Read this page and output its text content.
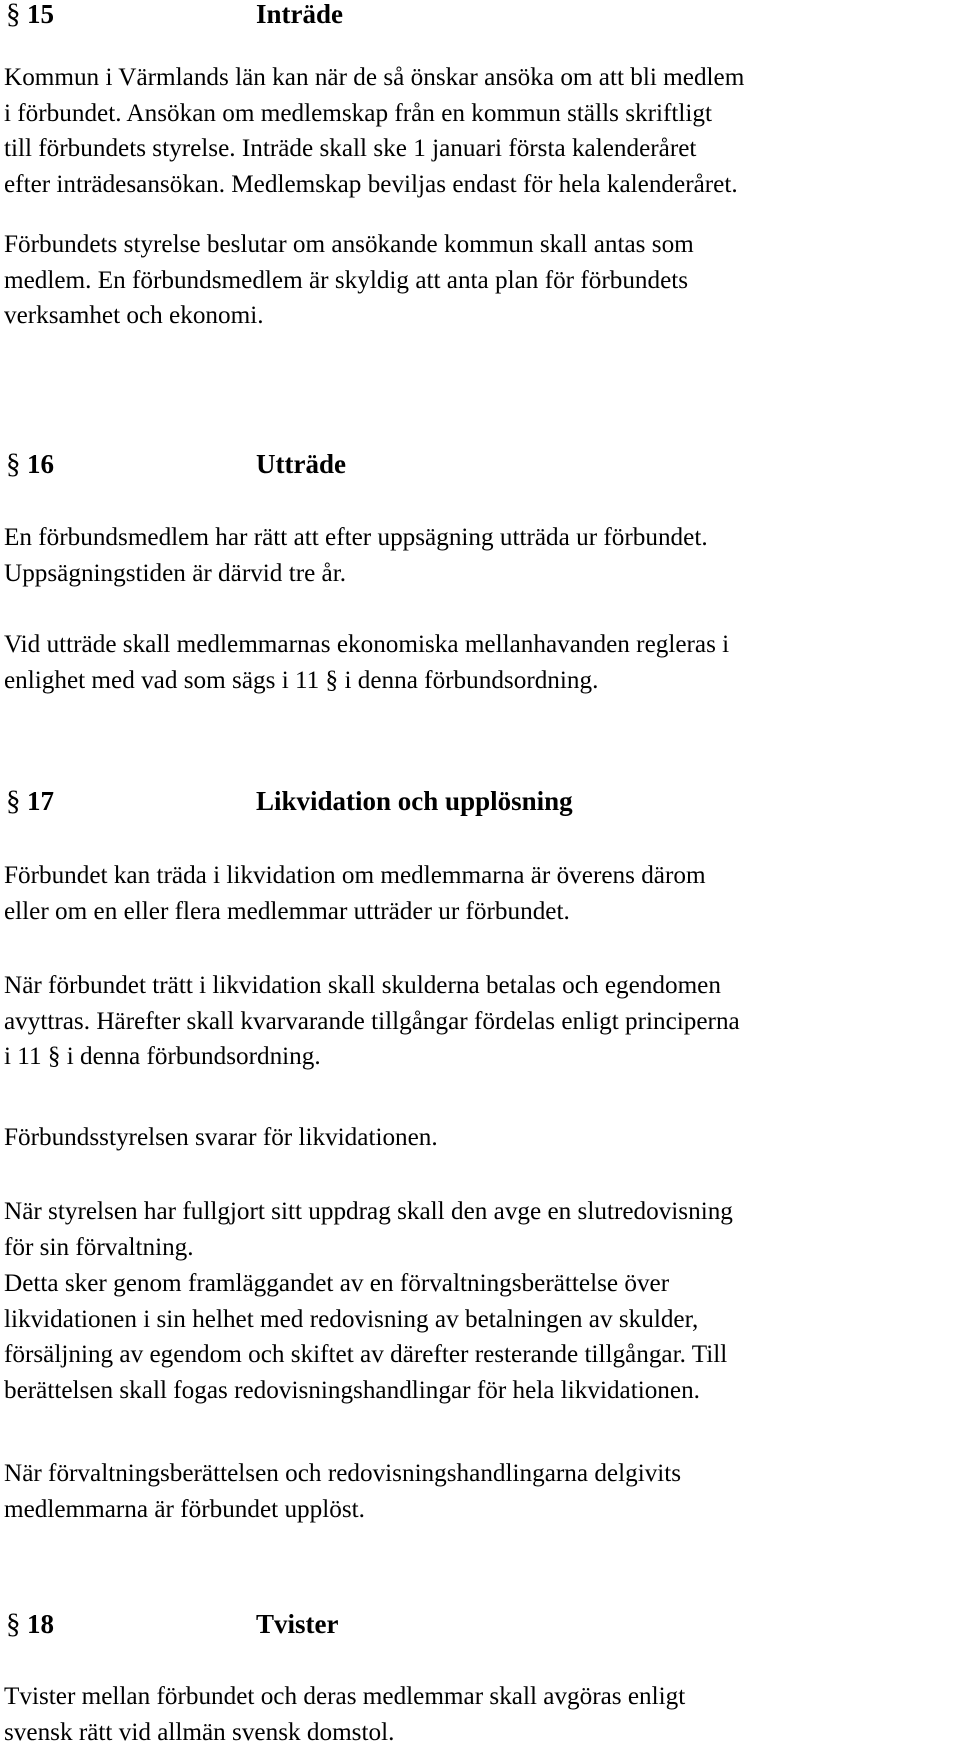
§ 15	Inträde
Kommun i Värmlands län kan när de så önskar ansöka om att bli medlem
i förbundet. Ansökan om medlemskap från en kommun ställs skriftligt
till förbundets styrelse. Inträde skall ske 1 januari första kalenderåret
efter inträdesansökan. Medlemskap beviljas endast för hela kalenderåret.
Förbundets styrelse beslutar om ansökande kommun skall antas som
medlem. En förbundsmedlem är skyldig att anta plan för förbundets
verksamhet och ekonomi.
§ 16	Utträde
En förbundsmedlem har rätt att efter uppsägning utträda ur förbundet.
Uppsägningstiden är därvid tre år.
Vid utträde skall medlemmarnas ekonomiska mellanhavanden regleras i
enlighet med vad som sägs i 11 § i denna förbundsordning.
§ 17	Likvidation och upplösning
Förbundet kan träda i likvidation om medlemmarna är överens därom
eller om en eller flera medlemmar utträder ur förbundet.
När förbundet trätt i likvidation skall skulderna betalas och egendomen
avyttras. Härefter skall kvarvarande tillgångar fördelas enligt principerna
i 11 § i denna förbundsordning.
Förbundsstyrelsen svarar för likvidationen.
När styrelsen har fullgjort sitt uppdrag skall den avge en slutredovisning
för sin förvaltning.
Detta sker genom framläggandet av en förvaltningsberättelse över
likvidationen i sin helhet med redovisning av betalningen av skulder,
försäljning av egendom och skiftet av därefter resterande tillgångar. Till
berättelsen skall fogas redovisningshandlingar för hela likvidationen.
När förvaltningsberättelsen och redovisningshandlingarna delgivits
medlemmarna är förbundet upplöst.
§ 18	Tvister
Tvister mellan förbundet och deras medlemmar skall avgöras enligt
svensk rätt vid allmän svensk domstol.
